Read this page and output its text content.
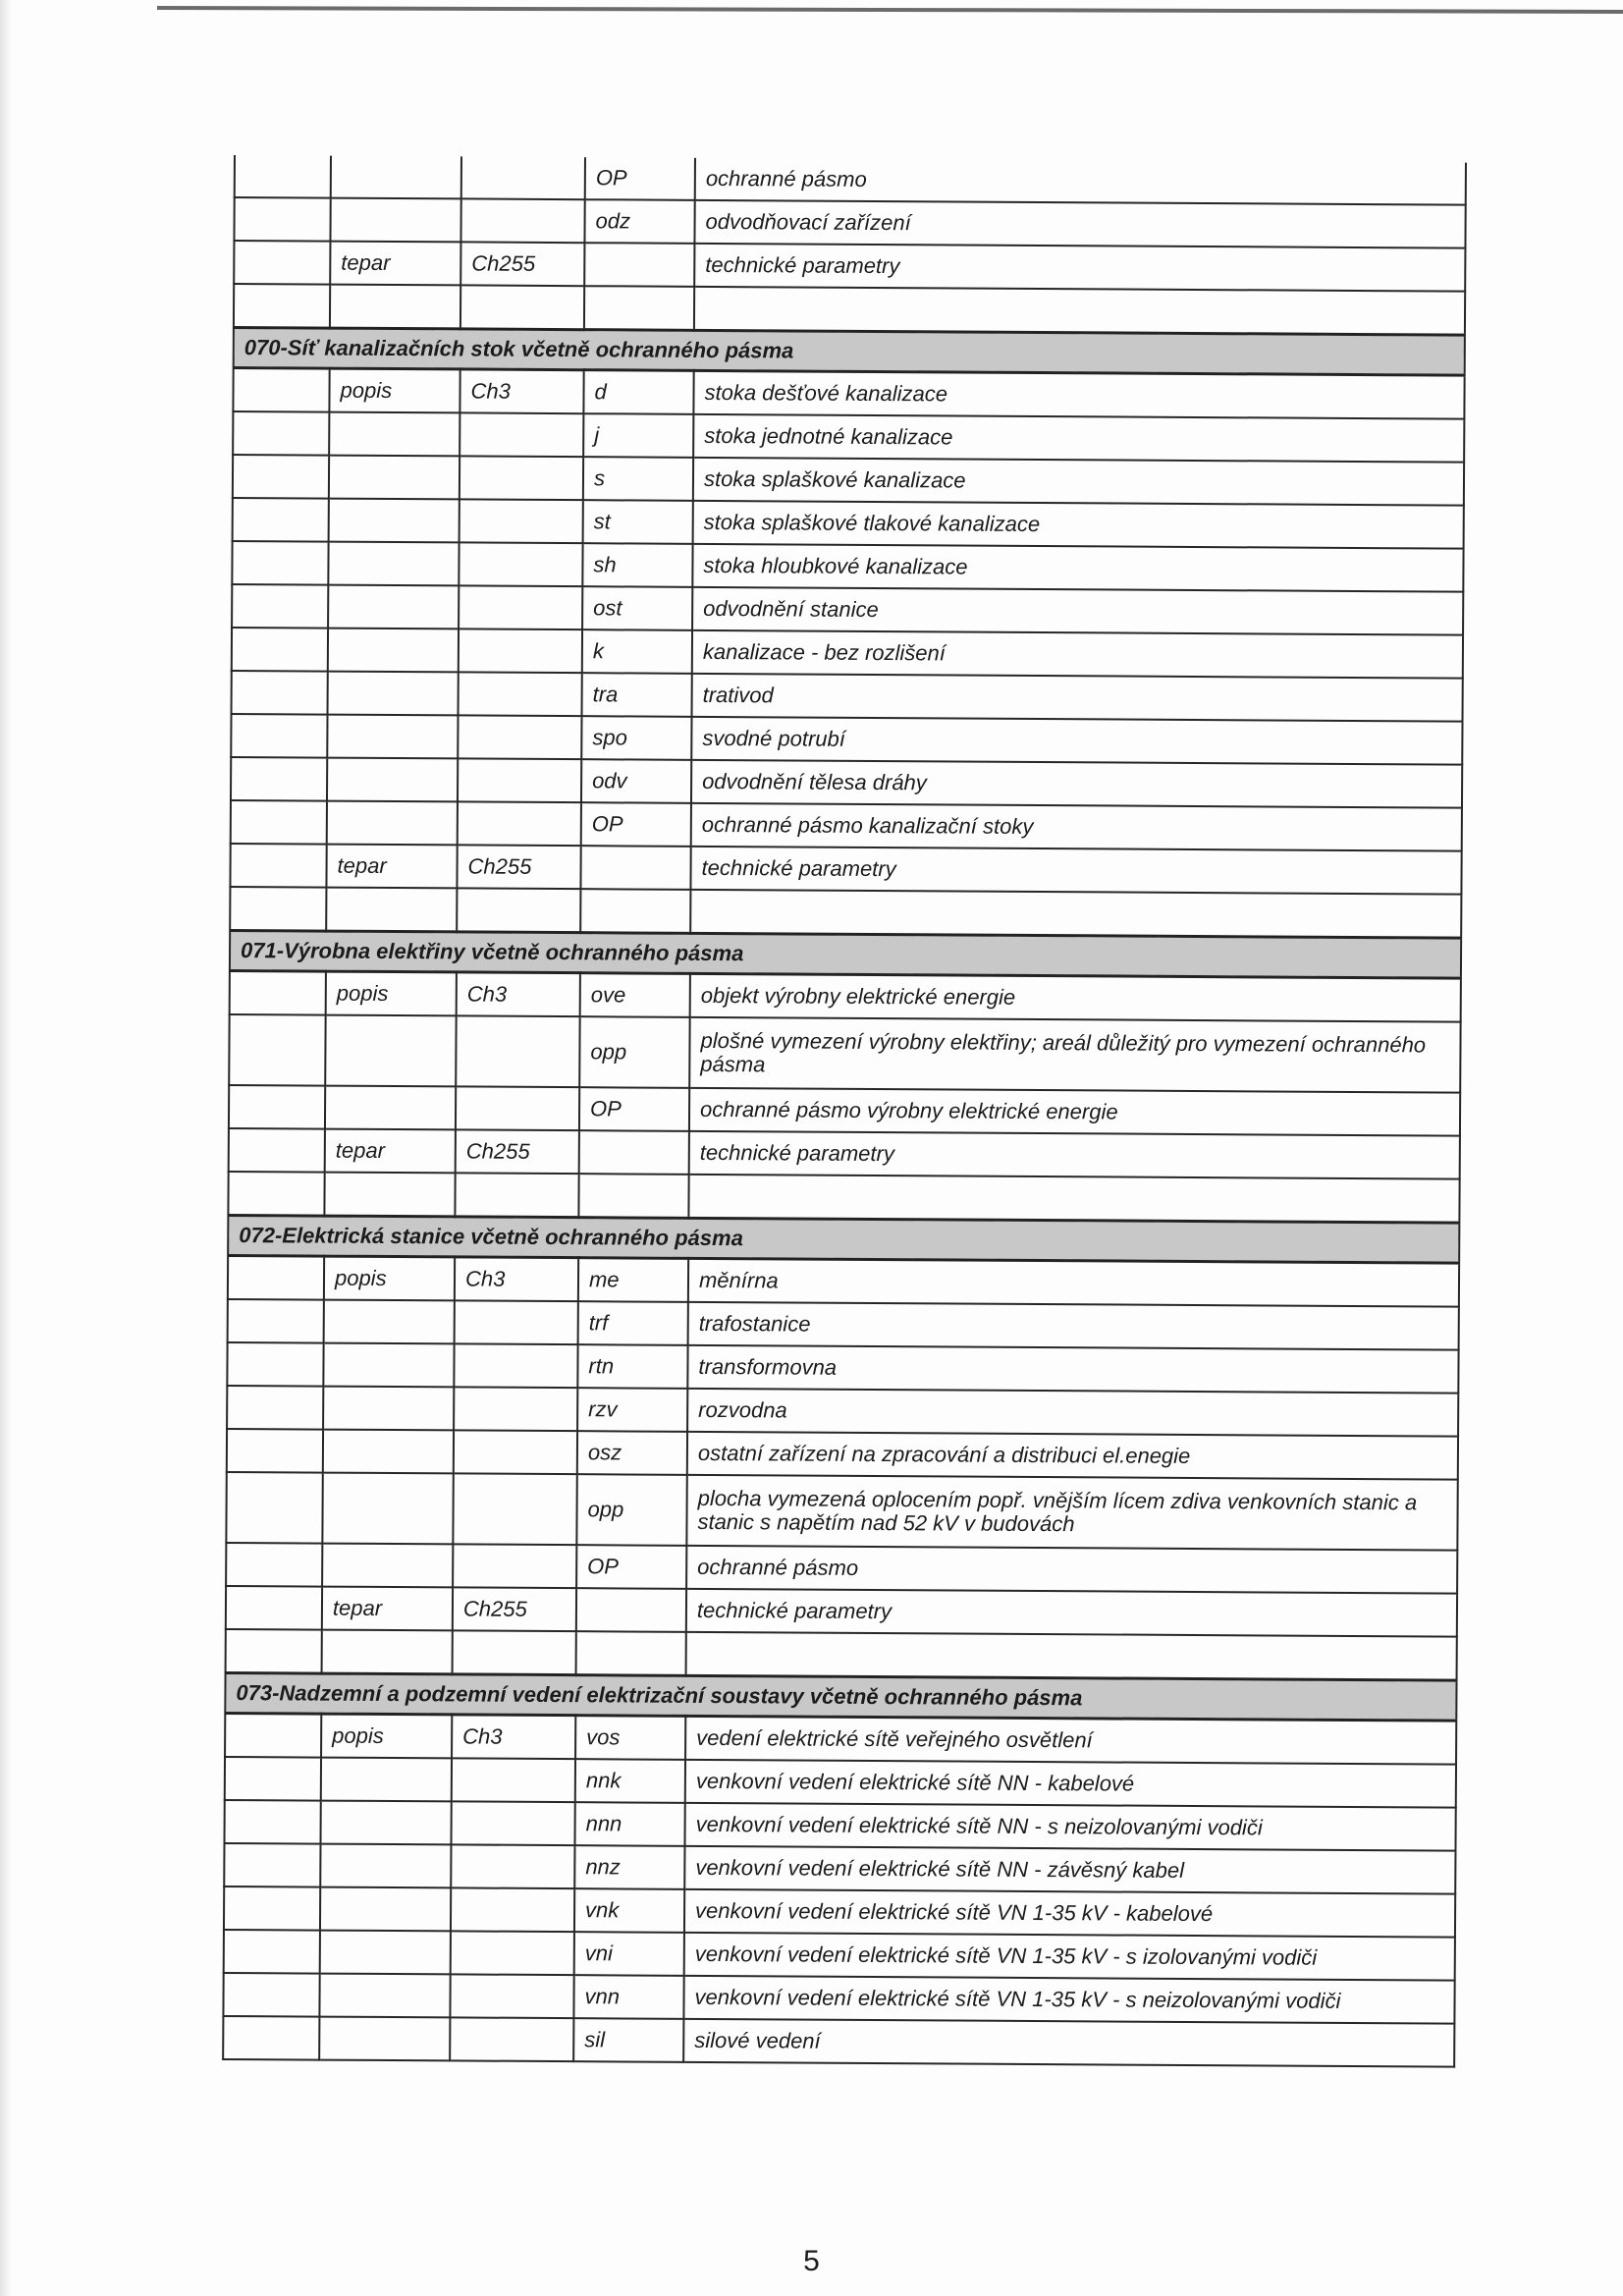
			OP	ochranné pásmo
			odz	odvodňovací zařízení
	tepar	Ch255		technické parametry

070-Síť kanalizačních stok včetně ochranného pásma				
	popis	Ch3	d	stoka dešťové kanalizace
			j	stoka jednotné kanalizace
			s	stoka splaškové kanalizace
			st	stoka splaškové tlakové kanalizace
			sh	stoka hloubkové kanalizace
			ost	odvodnění stanice
			k	kanalizace - bez rozlišení
			tra	trativod
			spo	svodné potrubí
			odv	odvodnění tělesa dráhy
			OP	ochranné pásmo kanalizační stoky
	tepar	Ch255		technické parametry

071-Výrobna elektřiny včetně ochranného pásma				
	popis	Ch3	ove	objekt výrobny elektrické energie
			opp	plošné vymezení výrobny elektřiny; areál důležitý pro vymezení ochranného pásma
			OP	ochranné pásmo výrobny elektrické energie
	tepar	Ch255		technické parametry

072-Elektrická stanice včetně ochranného pásma				
	popis	Ch3	me	měnírna
			trf	trafostanice
			rtn	transformovna
			rzv	rozvodna
			osz	ostatní zařízení na zpracování a distribuci el.enegie
			opp	plocha vymezená oplocením popř. vnějším lícem zdiva venkovních stanic a stanic s napětím nad 52 kV v budovách
			OP	ochranné pásmo
	tepar	Ch255		technické parametry

073-Nadzemní a podzemní vedení elektrizační soustavy včetně ochranného pásma				
	popis	Ch3	vos	vedení elektrické sítě veřejného osvětlení
			nnk	venkovní vedení elektrické sítě NN - kabelové
			nnn	venkovní vedení elektrické sítě NN - s neizolovanými vodiči
			nnz	venkovní vedení elektrické sítě NN - závěsný kabel
			vnk	venkovní vedení elektrické sítě VN 1-35 kV - kabelové
			vni	venkovní vedení elektrické sítě VN 1-35 kV - s izolovanými vodiči
			vnn	venkovní vedení elektrické sítě VN 1-35 kV - s neizolovanými vodiči
			sil	silové vedení
5
